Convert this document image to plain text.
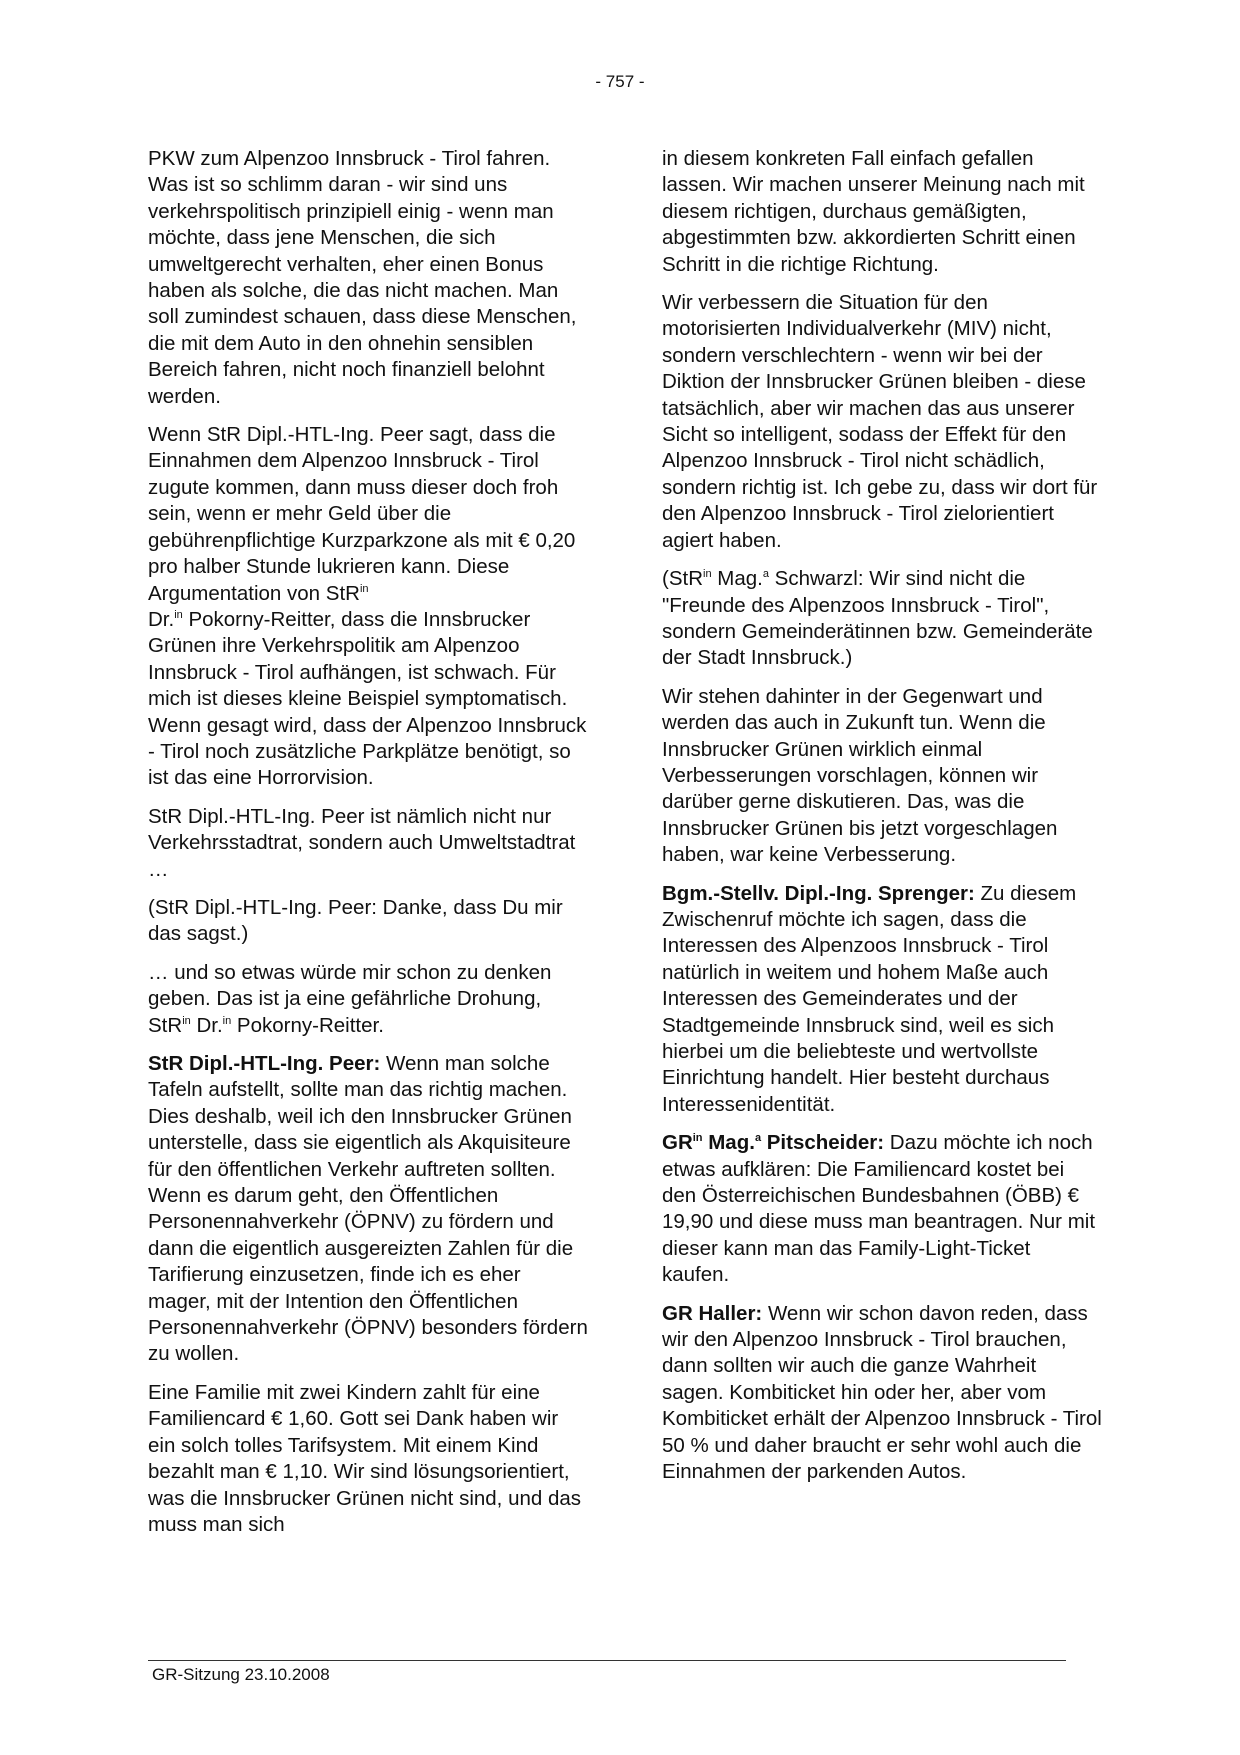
- 757 -

PKW zum Alpenzoo Innsbruck - Tirol fahren. Was ist so schlimm daran - wir sind uns verkehrspolitisch prinzipiell einig - wenn man möchte, dass jene Menschen, die sich umweltgerecht verhalten, eher einen Bonus haben als solche, die das nicht machen. Man soll zumindest schauen, dass diese Menschen, die mit dem Auto in den ohnehin sensiblen Bereich fahren, nicht noch finanziell belohnt werden.

Wenn StR Dipl.-HTL-Ing. Peer sagt, dass die Einnahmen dem Alpenzoo Innsbruck - Tirol zugute kommen, dann muss dieser doch froh sein, wenn er mehr Geld über die gebührenpflichtige Kurzparkzone als mit € 0,20 pro halber Stunde lukrieren kann. Diese Argumentation von StR$^{in}$
Dr.$^{in}$ Pokorny-Reitter, dass die Innsbrucker Grünen ihre Verkehrspolitik am Alpenzoo Innsbruck - Tirol aufhängen, ist schwach. Für mich ist dieses kleine Beispiel symptomatisch. Wenn gesagt wird, dass der Alpenzoo Innsbruck - Tirol noch zusätzliche Parkplätze benötigt, so ist das eine Horrorvision.

StR Dipl.-HTL-Ing. Peer ist nämlich nicht nur Verkehrsstadtrat, sondern auch Umweltstadtrat …

(StR Dipl.-HTL-Ing. Peer: Danke, dass Du mir das sagst.)

… und so etwas würde mir schon zu denken geben. Das ist ja eine gefährliche Drohung, StR$^{in}$ Dr.$^{in}$ Pokorny-Reitter.

StR Dipl.-HTL-Ing. Peer: Wenn man solche Tafeln aufstellt, sollte man das richtig machen. Dies deshalb, weil ich den Innsbrucker Grünen unterstelle, dass sie eigentlich als Akquisiteure für den öffentlichen Verkehr auftreten sollten. Wenn es darum geht, den Öffentlichen Personennahverkehr (ÖPNV) zu fördern und dann die eigentlich ausgereizten Zahlen für die Tarifierung einzusetzen, finde ich es eher mager, mit der Intention den Öffentlichen Personennahverkehr (ÖPNV) besonders fördern zu wollen.

Eine Familie mit zwei Kindern zahlt für eine Familiencard € 1,60. Gott sei Dank haben wir ein solch tolles Tarifsystem. Mit einem Kind bezahlt man € 1,10. Wir sind lösungsorientiert, was die Innsbrucker Grünen nicht sind, und das muss man sich

in diesem konkreten Fall einfach gefallen lassen. Wir machen unserer Meinung nach mit diesem richtigen, durchaus gemäßigten, abgestimmten bzw. akkordierten Schritt einen Schritt in die richtige Richtung.

Wir verbessern die Situation für den motorisierten Individualverkehr (MIV) nicht, sondern verschlechtern - wenn wir bei der Diktion der Innsbrucker Grünen bleiben - diese tatsächlich, aber wir machen das aus unserer Sicht so intelligent, sodass der Effekt für den Alpenzoo Innsbruck - Tirol nicht schädlich, sondern richtig ist. Ich gebe zu, dass wir dort für den Alpenzoo Innsbruck - Tirol zielorientiert agiert haben.

(StR$^{in}$ Mag.$^a$ Schwarzl: Wir sind nicht die "Freunde des Alpenzoos Innsbruck - Tirol", sondern Gemeinderätinnen bzw. Gemeinderäte der Stadt Innsbruck.)

Wir stehen dahinter in der Gegenwart und werden das auch in Zukunft tun. Wenn die Innsbrucker Grünen wirklich einmal Verbesserungen vorschlagen, können wir darüber gerne diskutieren. Das, was die Innsbrucker Grünen bis jetzt vorgeschlagen haben, war keine Verbesserung.

Bgm.-Stellv. Dipl.-Ing. Sprenger: Zu diesem Zwischenruf möchte ich sagen, dass die Interessen des Alpenzoos Innsbruck - Tirol natürlich in weitem und hohem Maße auch Interessen des Gemeinderates und der Stadtgemeinde Innsbruck sind, weil es sich hierbei um die beliebteste und wertvollste Einrichtung handelt. Hier besteht durchaus Interessenidentität.

$GR^{in}$ Mag.$^a$ Pitscheider: Dazu möchte ich noch etwas aufklären: Die Familiencard kostet bei den Österreichischen Bundesbahnen (ÖBB) € 19,90 und diese muss man beantragen. Nur mit dieser kann man das Family-Light-Ticket kaufen.

GR Haller: Wenn wir schon davon reden, dass wir den Alpenzoo Innsbruck - Tirol brauchen, dann sollten wir auch die ganze Wahrheit sagen. Kombiticket hin oder her, aber vom Kombiticket erhält der Alpenzoo Innsbruck - Tirol 50 % und daher braucht er sehr wohl auch die Einnahmen der parkenden Autos.

GR-Sitzung 23.10.2008
